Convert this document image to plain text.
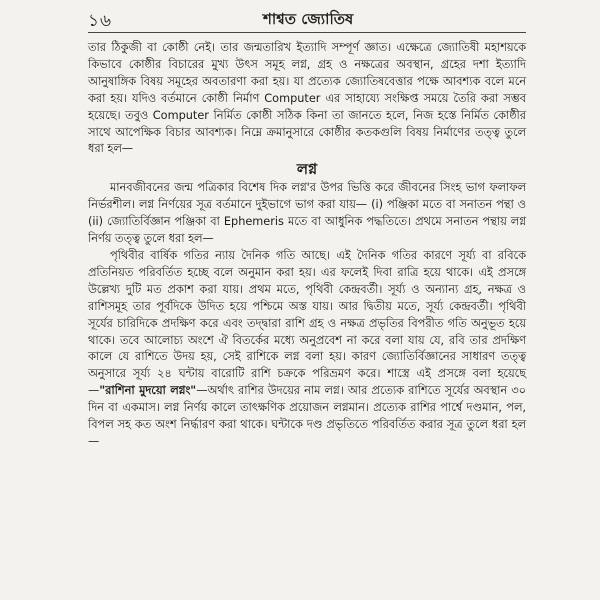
১৬	শাশ্বত জ্যোতিষ

তার ঠিকুজী বা কোষ্ঠী নেই। তার জন্মতারিখ ইত্যাদি সম্পূর্ণ জ্ঞাত। এক্ষেত্রে জ্যোতিষী মহাশয়কে কিভাবে কোষ্ঠীর বিচারের মুখ্য উৎস সমূহ লগ্ন, গ্রহ ও নক্ষত্রের অবস্থান, গ্রহের দশা ইত্যাদি আনুষাঙ্গিক বিষয় সমূহের অবতারণা করা হয়। যা প্রত্যেক জ্যোতিষবেত্তার পক্ষে আবশ্যক বলে মনে করা হয়। যদিও বর্তমানে কোষ্ঠী নির্মাণ Computer এর সাহায্যে সংক্ষিপ্ত সময়ে তৈরি করা সম্ভব হয়েছে। তবুও Computer নির্মিত কোষ্ঠী সঠিক কিনা তা জানতে হলে, নিজ হস্তে নির্মিত কোষ্ঠীর সাথে আপেক্ষিক বিচার আবশ্যক। নিম্নে ক্রমানুসারে কোষ্ঠীর কতকগুলি বিষয় নির্মাণের তত্ত্ব তুলে ধরা হল—

লগ্ন

মানবজীবনের জন্ম পত্রিকার বিশেষ দিক লগ্ন'র উপর ভিত্তি করে জীবনের সিংহ ভাগ ফলাফল নির্ভরশীল। লগ্ন নির্ণয়ের সূত্র বর্তমানে দুইভাগে ভাগ করা যায়— (i) পঞ্জিকা মতে বা সনাতন পন্থা ও (ii) জ্যোতির্বিজ্ঞান পঞ্জিকা বা Ephemeris মতে বা আধুনিক পদ্ধতিতে। প্রথমে সনাতন পন্থায় লগ্ন নির্ণয় তত্ত্ব তুলে ধরা হল—

পৃথিবীর বার্ষিক গতির ন্যায় দৈনিক গতি আছে। এই দৈনিক গতির কারণে সূর্য্য বা রবিকে প্রতিনিয়ত পরিবর্তিত হচ্ছে বলে অনুমান করা হয়। এর ফলেই দিবা রাত্রি হয়ে থাকে। এই প্রসঙ্গে উল্লেখ্য দুটি মত প্রকাশ করা যায়। প্রথম মতে, পৃথিবী কেন্দ্রবর্তী। সূর্য্য ও অন্যান্য গ্রহ, নক্ষত্র ও রাশিসমূহ তার পূর্বদিকে উদিত হয়ে পশ্চিমে অস্ত যায়। আর দ্বিতীয় মতে, সূর্য্য কেন্দ্রবর্তী। পৃথিবী সূর্যের চারিদিকে প্রদক্ষিণ করে এবং তদ্দ্বারা রাশি গ্রহ ও নক্ষত্র প্রভৃতির বিপরীত গতি অনুভূত হয়ে থাকে। তবে আলোচ্য অংশে ঐ বিতর্কের মধ্যে অনুপ্রবেশ না করে বলা যায় যে, রবি তার প্রদক্ষিণ কালে যে রাশিতে উদয় হয়, সেই রাশিকে লগ্ন বলা হয়। কারণ জ্যোতির্বিজ্ঞানের সাধারণ তত্ত্ব অনুসারে সূর্য্য ২৪ ঘন্টায় বারোটি রাশি চক্রকে পরিভ্রমণ করে। শাস্ত্রে এই প্রসঙ্গে বলা হয়েছে—"রাশিনা মুদয়ো লগ্নং"—অর্থাৎ রাশির উদয়ের নাম লগ্ন। আর প্রত্যেক রাশিতে সূর্যের অবস্থান ৩০ দিন বা একমাস। লগ্ন নির্ণয় কালে তাৎক্ষণিক প্রয়োজন লগ্নমান। প্রত্যেক রাশির পার্শ্বে দণ্ডমান, পল, বিপল সহ কত অংশ নির্দ্ধারণ করা থাকে। ঘন্টাকে দণ্ড প্রভৃতিতে পরিবর্তিত করার সূত্র তুলে ধরা হল—
